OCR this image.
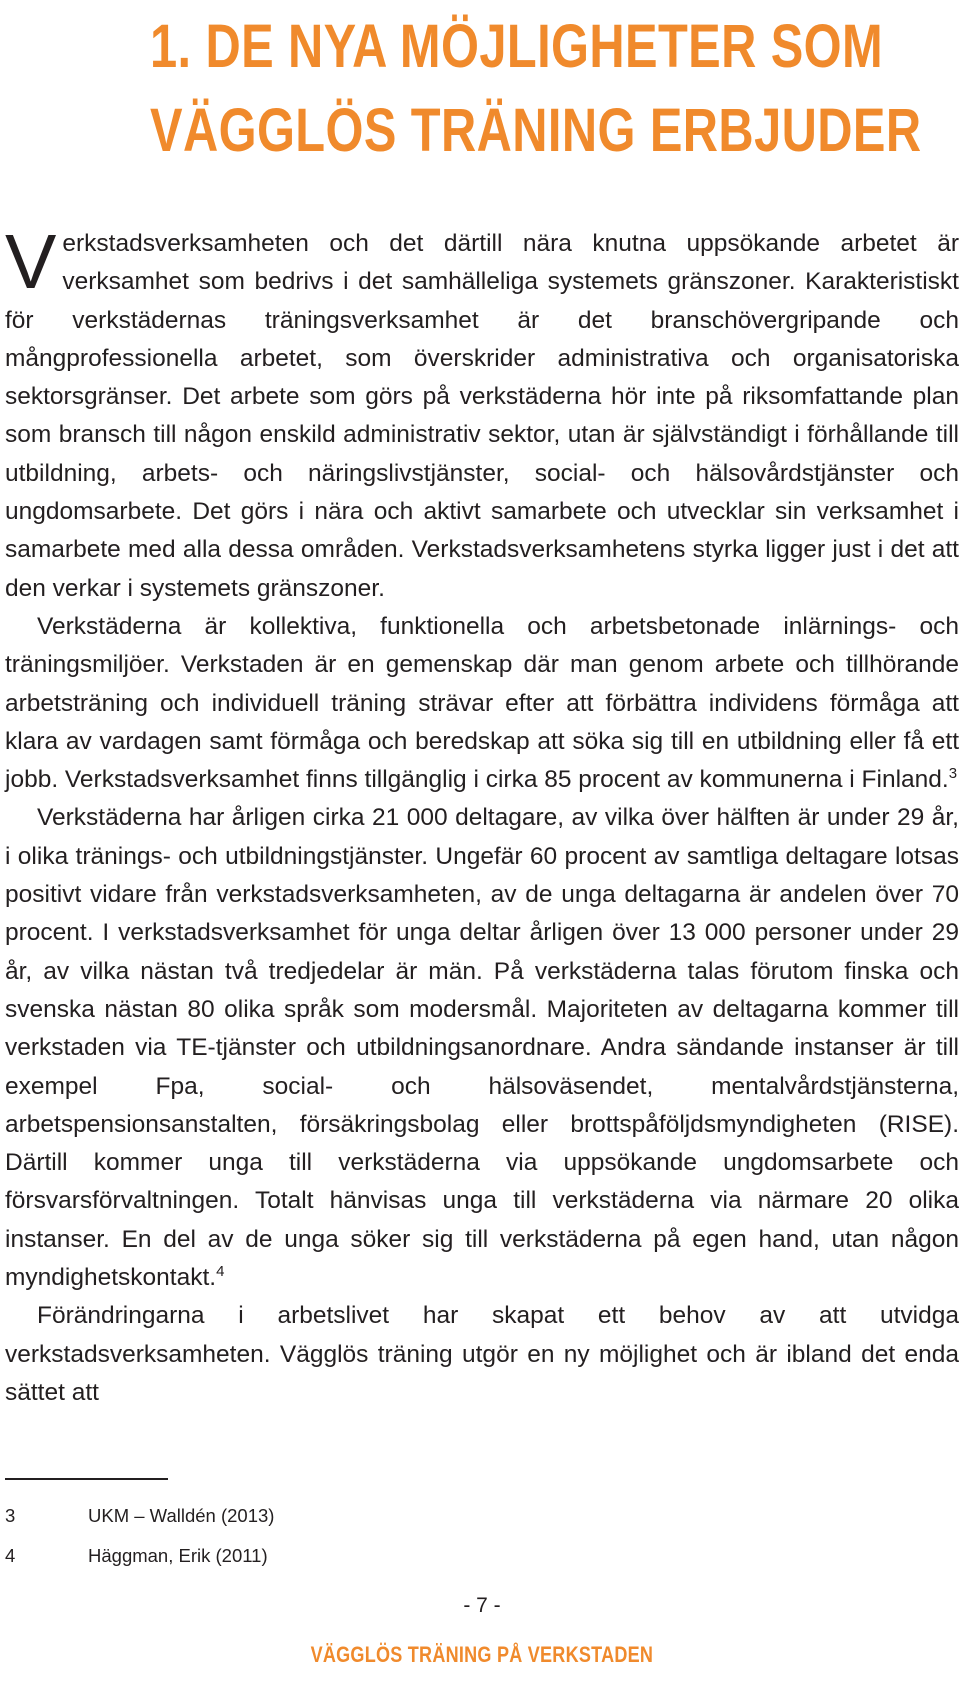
1. DE NYA MÖJLIGHETER SOM
VÄGGLÖS TRÄNING ERBJUDER

Verkstadsverksamheten och det därtill nära knutna uppsökande arbetet är verksamhet som bedrivs i det samhälleliga systemets gränszoner. Karakteristiskt för verkstädernas träningsverksamhet är det branschövergripande och mångprofessionella arbetet, som överskrider administrativa och organisatoriska sektorsgränser. Det arbete som görs på verkstäderna hör inte på riksomfattande plan som bransch till någon enskild administrativ sektor, utan är självständigt i förhållande till utbildning, arbets- och näringslivstjänster, social- och hälsovårdstjänster och ungdomsarbete. Det görs i nära och aktivt samarbete och utvecklar sin verksamhet i samarbete med alla dessa områden. Verkstadsverksamhetens styrka ligger just i det att den verkar i systemets gränszoner.

Verkstäderna är kollektiva, funktionella och arbetsbetonade inlärnings- och träningsmiljöer. Verkstaden är en gemenskap där man genom arbete och tillhörande arbetsträning och individuell träning strävar efter att förbättra individens förmåga att klara av vardagen samt förmåga och beredskap att söka sig till en utbildning eller få ett jobb. Verkstadsverksamhet finns tillgänglig i cirka 85 procent av kommunerna i Finland.$^3$

Verkstäderna har årligen cirka 21 000 deltagare, av vilka över hälften är under 29 år, i olika tränings- och utbildningstjänster. Ungefär 60 procent av samtliga deltagare lotsas positivt vidare från verkstadsverksamheten, av de unga deltagarna är andelen över 70 procent. I verkstadsverksamhet för unga deltar årligen över 13 000 personer under 29 år, av vilka nästan två tredjedelar är män. På verkstäderna talas förutom finska och svenska nästan 80 olika språk som modersmål. Majoriteten av deltagarna kommer till verkstaden via TE-tjänster och utbildningsanordnare. Andra sändande instanser är till exempel Fpa, social- och hälsoväsendet, mentalvårdstjänsterna, arbetspensionsanstalten, försäkringsbolag eller brottspåföljdsmyndigheten (RISE). Därtill kommer unga till verkstäderna via uppsökande ungdomsarbete och försvarsförvaltningen. Totalt hänvisas unga till verkstäderna via närmare 20 olika instanser. En del av de unga söker sig till verkstäderna på egen hand, utan någon myndighetskontakt.$^4$

Förändringarna i arbetslivet har skapat ett behov av att utvidga verkstadsverksamheten. Vägglös träning utgör en ny möjlighet och är ibland det enda sättet att

3	UKM – Walldén (2013)
4	Häggman, Erik (2011)
- 7 -
VÄGGLÖS TRÄNING PÅ VERKSTADEN
